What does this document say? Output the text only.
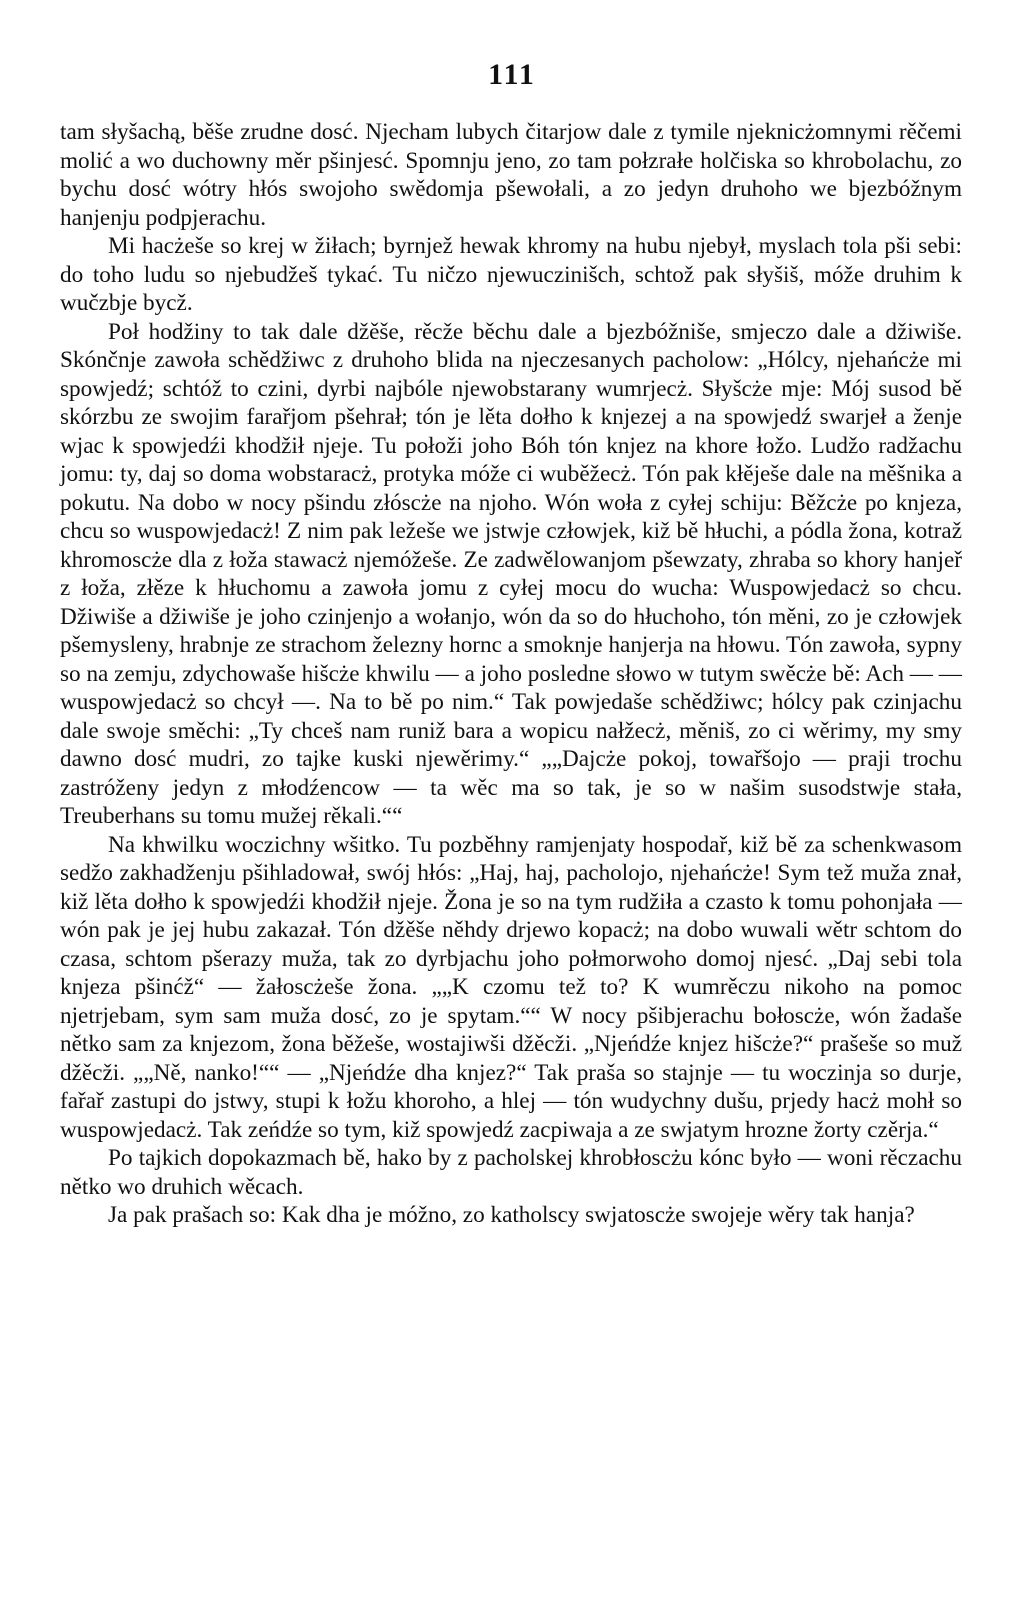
111

tam słyšachą, běše zrudne dosć. Njecham lubych čitarjow dale z tymile njeknicżomnymi rěčemi molić a wo duchowny měr pšinjesć. Spomnju jeno, zo tam połzrałe holčiska so khrobolachu, zo bychu dosć wótry hłós swojoho swědomja pšewołali, a zo jedyn druhoho we bjezbóžnym hanjenju podpjerachu.

Mi hacżeše so krej w žiłach; byrnjež hewak khromy na hubu njebył, myslach tola pši sebi: do toho ludu so njebudžeš tykać. Tu ničzo njewuczinišch, schtož pak słyšiš, móže druhim k wučzbje bycž.

Poł hodžiny to tak dale džěše, rěcže běchu dale a bjezbóžniše, smjeczo dale a džiwiše. Skónčnje zawoła schědžiwc z druhoho blida na njeczesanych pacholow: „Hólcy, njehańcże mi spowjedź; schtóž to czini, dyrbi najbóle njewobstarany wumrjecż. Słyšcże mje: Mój susod bě skórzbu ze swojim farařjom pšehrał; tón je lěta dołho k knjezej a na spowjedź swarjeł a ženje wjac k spowjedźi khodžił njeje. Tu połoži joho Bóh tón knjez na khore łožo. Ludžo radžachu jomu: ty, daj so doma wobstaracż, protyka móže ci wuběžecż. Tón pak kłěješe dale na měšnika a pokutu. Na dobo w nocy pšindu złóscże na njoho. Wón woła z cyłej schiju: Běžcże po knjeza, chcu so wuspowjedacż! Z nim pak ležeše we jstwje człowjek, kiž bě hłuchi, a pódla žona, kotraž khromoscże dla z łoža stawacż njemóžeše. Ze zadwělowanjom pšewzaty, zhraba so khory hanjeř z łoža, złěze k hłuchomu a zawoła jomu z cyłej mocu do wucha: Wuspowjedacż so chcu. Džiwiše a džiwiše je joho czinjenjo a wołanjo, wón da so do hłuchoho, tón měni, zo je człowjek pšemysleny, hrabnje ze strachom železny hornc a smoknje hanjerja na hłowu. Tón zawoła, sypny so na zemju, zdychowaše hišcże khwilu — a joho posledne słowo w tutym swěcże bě: Ach — — wuspowjedacż so chcył —. Na to bě po nim.“ Tak powjedaše schědžiwc; hólcy pak czinjachu dale swoje směchi: „Ty chceš nam runiž bara a wopicu nałžecż, měniš, zo ci wěrimy, my smy dawno dosć mudri, zo tajke kuski njewěrimy.“ „„Dajcże pokoj, towařšojo — praji trochu zastróženy jedyn z młodźencow — ta wěc ma so tak, je so w našim susodstwje stała, Treuberhans su tomu mužej rěkali.““

Na khwilku woczichny wšitko. Tu pozběhny ramjenjaty hospodař, kiž bě za schenkwasom sedžo zakhadženju pšihladował, swój hłós: „Haj, haj, pacholojo, njehańcże! Sym tež muža znał, kiž lěta dołho k spowjedźi khodžił njeje. Žona je so na tym rudžiła a czasto k tomu pohonjała — wón pak je jej hubu zakazał. Tón džěše něhdy drjewo kopacż; na dobo wuwali wětr schtom do czasa, schtom pšerazy muža, tak zo dyrbjachu joho połmorwoho domoj njesć. „Daj sebi tola knjeza pšinćž“ — žałoscżeše žona. „„K czomu tež to? K wumrěczu nikoho na pomoc njetrjebam, sym sam muža dosć, zo je spytam.““ W nocy pšibjerachu bołoscże, wón žadaše nětko sam za knjezom, žona běžeše, wostajiwši džěcži. „Njeńdźe knjez hišcże?“ prašeše so muž džěcži. „„Ně, nanko!““ — „Njeńdźe dha knjez?“ Tak praša so stajnje — tu woczinja so durje, fařař zastupi do jstwy, stupi k łožu khoroho, a hlej — tón wudychny dušu, prjedy hacż mohł so wuspowjedacż. Tak zeńdźe so tym, kiž spowjedź zacpiwaja a ze swjatym hrozne žorty czěrja.“

Po tajkich dopokazmach bě, hako by z pacholskej khrobłoscżu kónc było — woni rěczachu nětko wo druhich wěcach.

Ja pak prašach so: Kak dha je móžno, zo katholscy swjatoscże swojeje wěry tak hanja?
